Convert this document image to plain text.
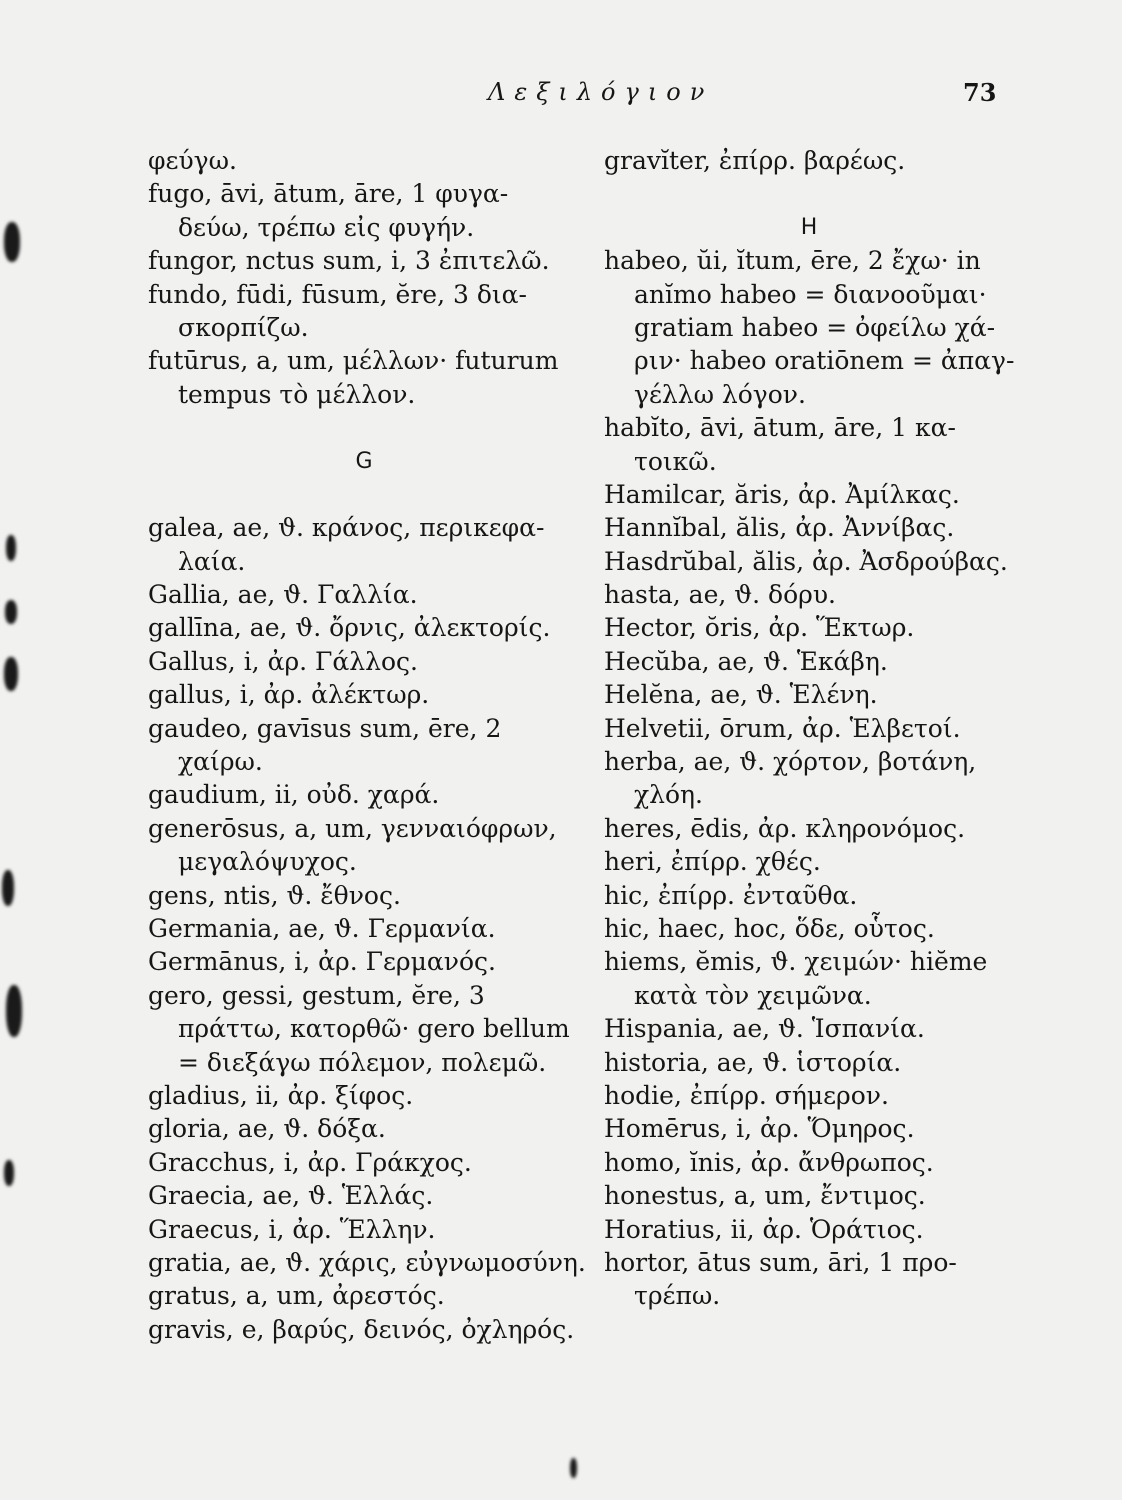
Λεξιλόγιον	73
φεύγω.
fugo, āvi, ātum, āre, 1 φυγα-
δεύω, τρέπω εἰς φυγήν.
fungor, nctus sum, i, 3 ἐπιτελῶ.
fundo, fūdi, fūsum, ĕre, 3 δια-
σκορπίζω.
futūrus, a, um, μέλλων· futurum
tempus τὸ μέλλον.
G
galea, ae, ϑ. κράνος, περικεφα-
λαία.
Gallia, ae, ϑ. Γαλλία.
gallīna, ae, ϑ. ὄρνις, ἀλεκτορίς.
Gallus, i, ἀρ. Γάλλος.
gallus, i, ἀρ. ἀλέκτωρ.
gaudeo, gavīsus sum, ēre, 2
χαίρω.
gaudium, ii, οὐδ. χαρά.
generōsus, a, um, γενναιόφρων,
μεγαλόψυχος.
gens, ntis, ϑ. ἔθνος.
Germania, ae, ϑ. Γερμανία.
Germānus, i, ἀρ. Γερμανός.
gero, gessi, gestum, ĕre, 3
πράττω, κατορθῶ· gero bellum
= διεξάγω πόλεμον, πολεμῶ.
gladius, ii, ἀρ. ξίφος.
gloria, ae, ϑ. δόξα.
Gracchus, i, ἀρ. Γράκχος.
Graecia, ae, ϑ. Ἑλλάς.
Graecus, i, ἀρ. Ἕλλην.
gratia, ae, ϑ. χάρις, εὐγνωμοσύνη.
gratus, a, um, ἀρεστός.
gravis, e, βαρύς, δεινός, ὀχληρός.
gravĭter, ἐπίρρ. βαρέως.
H
habeo, ŭi, ĭtum, ēre, 2 ἔχω· in
anĭmo habeo = διανοοῦμαι·
gratiam habeo = ὀφείλω χά-
ριν· habeo oratiōnem = ἀπαγ-
γέλλω λόγον.
habĭto, āvi, ātum, āre, 1 κα-
τοικῶ.
Hamilcar, ăris, ἀρ. Ἀμίλκας.
Hannĭbal, ălis, ἀρ. Ἀννίβας.
Hasdrŭbal, ălis, ἀρ. Ἀσδρούβας.
hasta, ae, ϑ. δόρυ.
Hector, ŏris, ἀρ. Ἕκτωρ.
Hecŭba, ae, ϑ. Ἑκάβη.
Helĕna, ae, ϑ. Ἑλένη.
Helvetii, ōrum, ἀρ. Ἑλβετοί.
herba, ae, ϑ. χόρτον, βοτάνη,
χλόη.
heres, ēdis, ἀρ. κληρονόμος.
heri, ἐπίρρ. χθές.
hic, ἐπίρρ. ἐνταῦθα.
hic, haec, hoc, ὅδε, οὗτος.
hiems, ĕmis, ϑ. χειμών· hiĕme
κατὰ τὸν χειμῶνα.
Hispania, ae, ϑ. Ἱσπανία.
historia, ae, ϑ. ἱστορία.
hodie, ἐπίρρ. σήμερον.
Homērus, i, ἀρ. Ὅμηρος.
homo, ĭnis, ἀρ. ἄνθρωπος.
honestus, a, um, ἔντιμος.
Horatius, ii, ἀρ. Ὁράτιος.
hortor, ātus sum, āri, 1 προ-
τρέπω.
